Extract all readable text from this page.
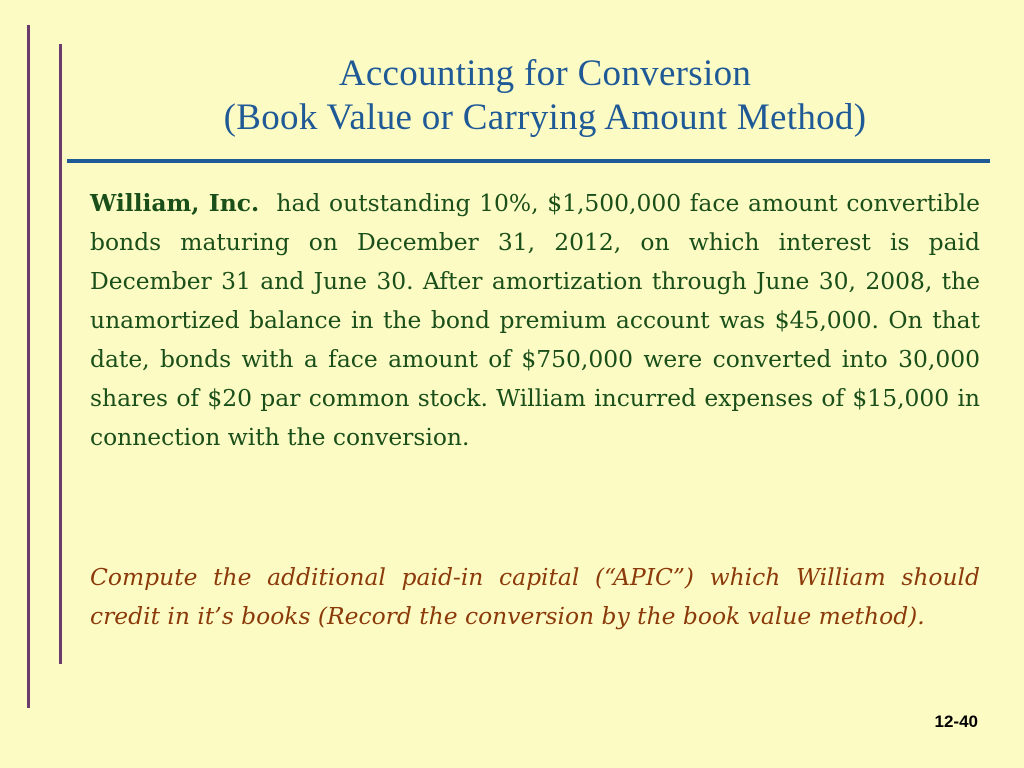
Accounting for Conversion
(Book Value or Carrying Amount Method)

William, Inc. had outstanding 10%, $1,500,000 face amount convertible bonds maturing on December 31, 2012, on which interest is paid December 31 and June 30. After amortization through June 30, 2008, the unamortized balance in the bond premium account was $45,000. On that date, bonds with a face amount of $750,000 were converted into 30,000 shares of $20 par common stock. William incurred expenses of $15,000 in connection with the conversion.

Compute the additional paid-in capital (“APIC”) which William should credit in it’s books (Record the conversion by the book value method).

12-40
